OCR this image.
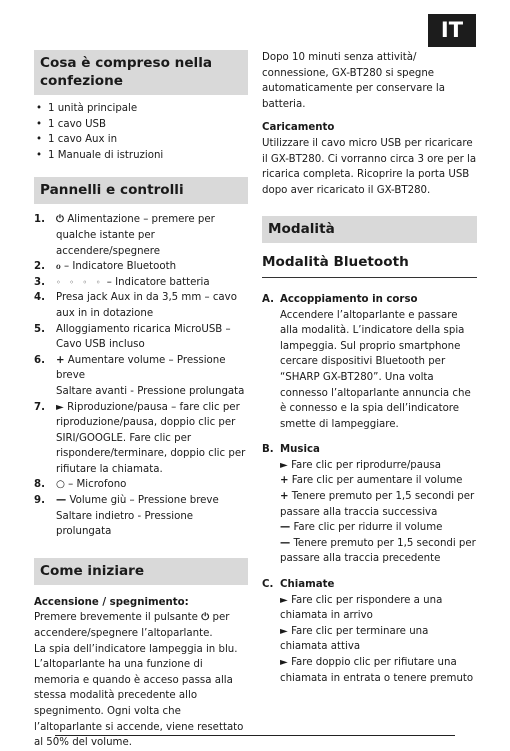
IT
Cosa è compreso nella confezione
• 1 unità principale
• 1 cavo USB
• 1 cavo Aux in
• 1 Manuale di istruzioni
Pannelli e controlli
1. ⏻ Alimentazione – premere per qualche istante per accendere/spegnere
2. ℴ – Indicatore Bluetooth
3. ◦ ◦ ◦ ◦ – Indicatore batteria
4. Presa jack Aux in da 3,5 mm – cavo aux in in dotazione
5. Alloggiamento ricarica MicroUSB – Cavo USB incluso
6. + Aumentare volume – Pressione breve
Saltare avanti - Pressione prolungata
7. ► Riproduzione/pausa – fare clic per riproduzione/pausa, doppio clic per SIRI/GOOGLE. Fare clic per rispondere/terminare, doppio clic per rifiutare la chiamata.
8. ○ – Microfono
9. — Volume giù – Pressione breve
Saltare indietro - Pressione prolungata
Come iniziare
Accensione / spegnimento:
Premere brevemente il pulsante ⏻ per accendere/spegnere l’altoparlante.
La spia dell’indicatore lampeggia in blu. L’altoparlante ha una funzione di memoria e quando è acceso passa alla stessa modalità precedente allo spegnimento. Ogni volta che l’altoparlante si accende, viene resettato al 50% del volume.
Dopo 10 minuti senza attività/ connessione, GX-BT280 si spegne automaticamente per conservare la batteria.
Caricamento
Utilizzare il cavo micro USB per ricaricare il GX-BT280. Ci vorranno circa 3 ore per la ricarica completa. Ricoprire la porta USB dopo aver ricaricato il GX-BT280.
Modalità
Modalità Bluetooth
A. Accoppiamento in corso
Accendere l’altoparlante e passare alla modalità. L’indicatore della spia lampeggia. Sul proprio smartphone cercare dispositivi Bluetooth per “SHARP GX-BT280”. Una volta connesso l’altoparlante annuncia che è connesso e la spia dell’indicatore smette di lampeggiare.
B. Musica
► Fare clic per riprodurre/pausa
+ Fare clic per aumentare il volume
+ Tenere premuto per 1,5 secondi per passare alla traccia successiva
— Fare clic per ridurre il volume
— Tenere premuto per 1,5 secondi per passare alla traccia precedente
C. Chiamate
► Fare clic per rispondere a una chiamata in arrivo
► Fare clic per terminare una chiamata attiva
► Fare doppio clic per rifiutare una chiamata in entrata o tenere premuto
